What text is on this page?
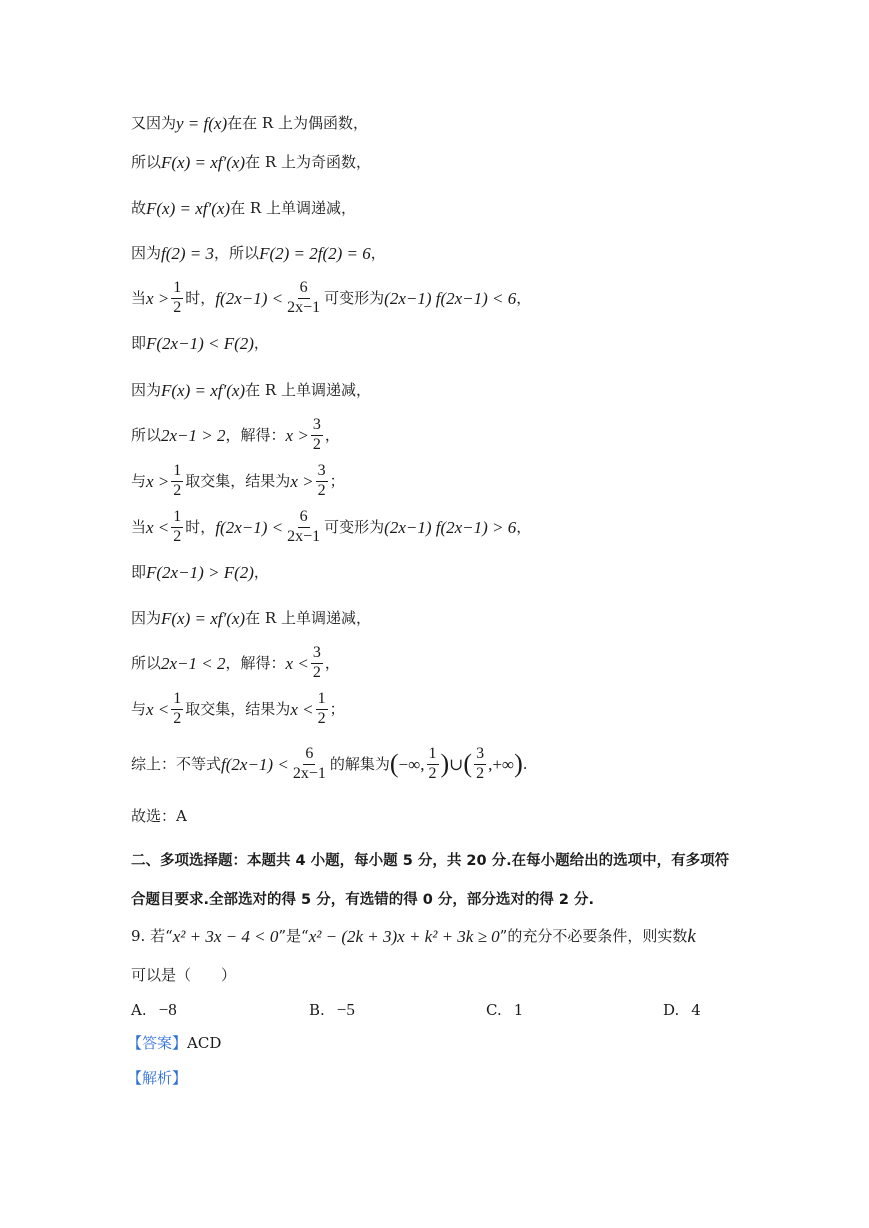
又因为 y = f(x) 在在 R 上为偶函数，
所以 F(x) = xf′(x) 在 R 上为奇函数，
故 F(x) = xf′(x) 在 R 上单调递减，
因为 f(2) = 3 ，所以 F(2) = 2f(2) = 6 ，
当 $x > \frac{1}{2}$ 时， $f(2x-1) < \frac{6}{2x-1}$ 可变形为 (2x−1) f(2x−1) < 6 ，
即 F(2x−1) < F(2) ，
因为 F(x) = xf′(x) 在 R 上单调递减，
所以 2x−1 > 2 ，解得： $x > \frac{3}{2}$ ，
与 $x > \frac{1}{2}$ 取交集，结果为 $x > \frac{3}{2}$ ；
当 $x < \frac{1}{2}$ 时， $f(2x-1) < \frac{6}{2x-1}$ 可变形为 (2x−1) f(2x−1) > 6 ，
即 F(2x−1) > F(2) ，
因为 F(x) = xf′(x) 在 R 上单调递减，
所以 2x−1 < 2 ，解得： $x < \frac{3}{2}$ ，
与 $x < \frac{1}{2}$ 取交集，结果为 $x < \frac{1}{2}$ ；
综上：不等式 $f(2x-1) < \frac{6}{2x-1}$ 的解集为 ( −∞, $\frac{1}{2}$ ) ∪ ( $\frac{3}{2}$ ,+∞ ) .
故选：A
二、多项选择题：本题共 4 小题，每小题 5 分，共 20 分.在每小题给出的选项中，有多项符
合题目要求.全部选对的得 5 分，有选错的得 0 分，部分选对的得 2 分.
9. 若“ x² + 3x − 4 < 0 ”是“ x² − (2k + 3)x + k² + 3k ≥ 0 ”的充分不必要条件，则实数 k
可以是（　　）
A. −8	B. −5	C. 1	D. 4
【答案】 ACD
【解析】
